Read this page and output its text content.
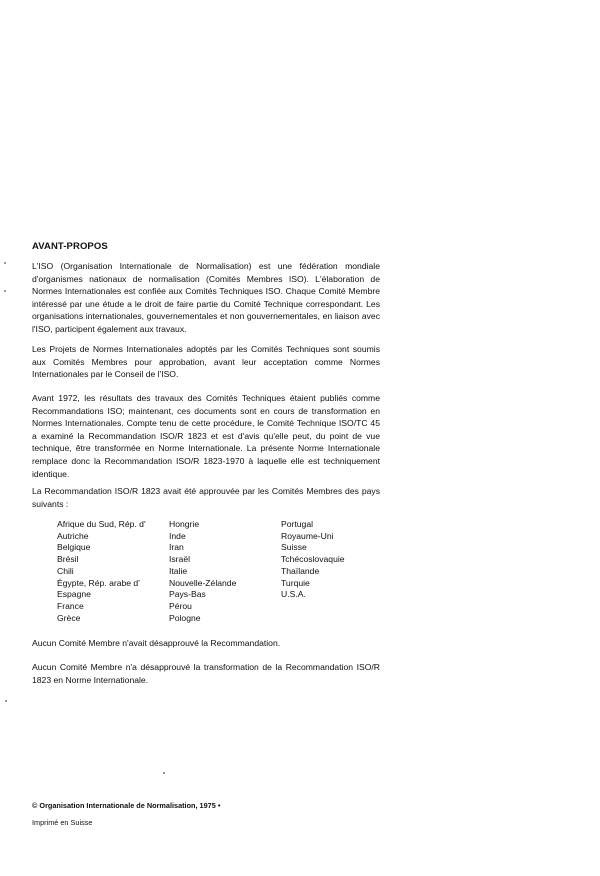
AVANT-PROPOS

L'ISO (Organisation Internationale de Normalisation) est une fédération mondiale d'organismes nationaux de normalisation (Comités Membres ISO). L'élaboration de Normes Internationales est confiée aux Comités Techniques ISO. Chaque Comité Membre intéressé par une étude a le droit de faire partie du Comité Technique correspondant. Les organisations internationales, gouvernementales et non gouvernementales, en liaison avec l'ISO, participent également aux travaux.

Les Projets de Normes Internationales adoptés par les Comités Techniques sont soumis aux Comités Membres pour approbation, avant leur acceptation comme Normes Internationales par le Conseil de l'ISO.

Avant 1972, les résultats des travaux des Comités Techniques étaient publiés comme Recommandations ISO; maintenant, ces documents sont en cours de transformation en Normes Internationales. Compte tenu de cette procédure, le Comité Technique ISO/TC 45 a examiné la Recommandation ISO/R 1823 et est d'avis qu'elle peut, du point de vue technique, être transformée en Norme Internationale. La présente Norme Internationale remplace donc la Recommandation ISO/R 1823-1970 à laquelle elle est techniquement identique.

La Recommandation ISO/R 1823 avait été approuvée par les Comités Membres des pays suivants :

Afrique du Sud, Rép. d'
Autriche
Belgique
Brésil
Chili
Égypte, Rép. arabe d'
Espagne
France
Grèce
Hongrie
Inde
Iran
Israël
Italie
Nouvelle-Zélande
Pays-Bas
Pérou
Pologne
Portugal
Royaume-Uni
Suisse
Tchécoslovaquie
Thaïlande
Turquie
U.S.A.

Aucun Comité Membre n'avait désapprouvé la Recommandation.

Aucun Comité Membre n'a désapprouvé la transformation de la Recommandation ISO/R 1823 en Norme Internationale.

© Organisation Internationale de Normalisation, 1975 •
Imprimé en Suisse
